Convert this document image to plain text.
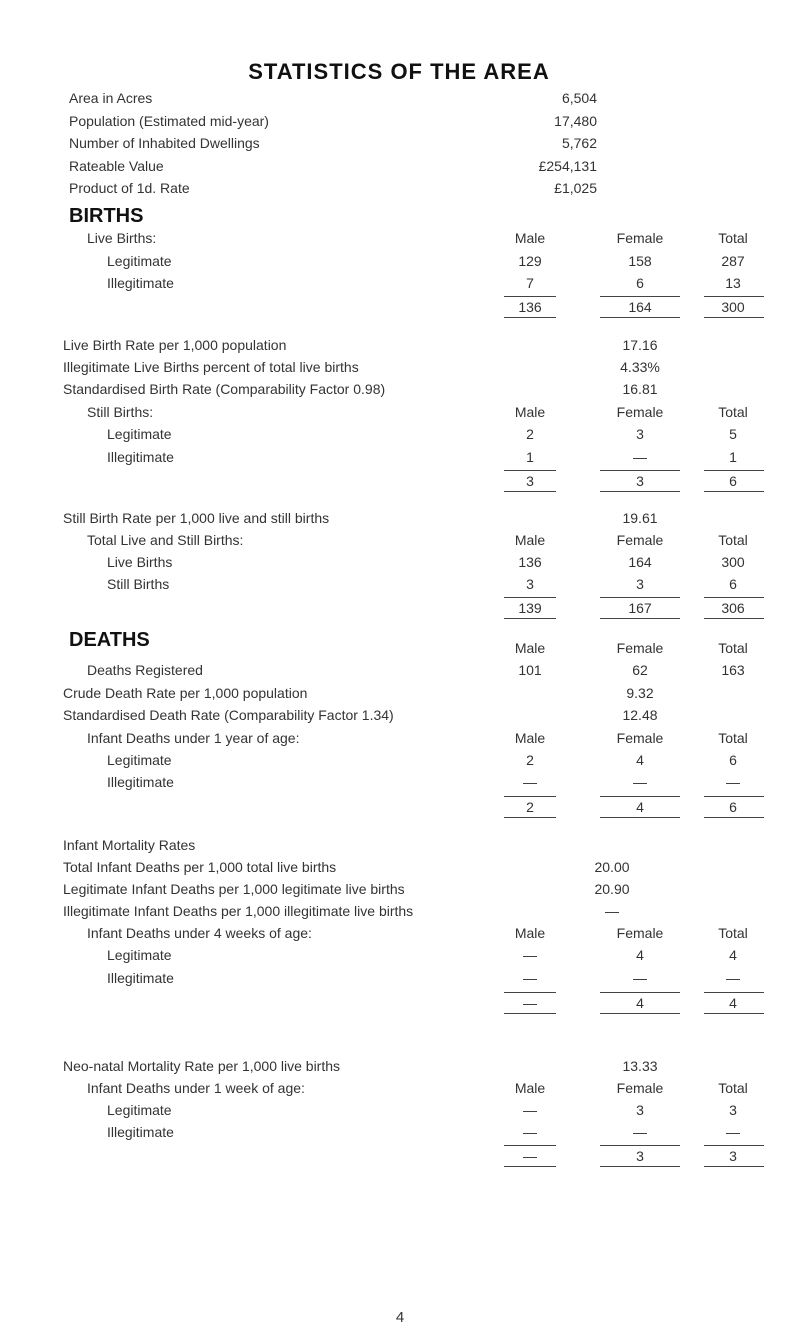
STATISTICS OF THE AREA
Area in Acres	6,504
Population (Estimated mid-year)	17,480
Number of Inhabited Dwellings	5,762
Rateable Value	£254,131
Product of 1d. Rate	£1,025
BIRTHS
Live Births:	Male	Female	Total
Legitimate	129	158	287
Illegitimate	7	6	13
136	164	300
Live Birth Rate per 1,000 population	17.16
Illegitimate Live Births percent of total live births	4.33%
Standardised Birth Rate (Comparability Factor 0.98)	16.81
Still Births:	Male	Female	Total
Legitimate	2	3	5
Illegitimate	1	—	1
3	3	6
Still Birth Rate per 1,000 live and still births	19.61
Total Live and Still Births:	Male	Female	Total
Live Births	136	164	300
Still Births	3	3	6
139	167	306
DEATHS	Male	Female	Total
Deaths Registered	101	62	163
Crude Death Rate per 1,000 population	9.32
Standardised Death Rate (Comparability Factor 1.34)	12.48
Infant Deaths under 1 year of age:	Male	Female	Total
Legitimate	2	4	6
Illegitimate	—	—	—
2	4	6
Infant Mortality Rates
Total Infant Deaths per 1,000 total live births	20.00
Legitimate Infant Deaths per 1,000 legitimate live births	20.90
Illegitimate Infant Deaths per 1,000 illegitimate live births	—
Infant Deaths under 4 weeks of age:	Male	Female	Total
Legitimate	—	4	4
Illegitimate	—	—	—
—	4	4
Neo-natal Mortality Rate per 1,000 live births	13.33
Infant Deaths under 1 week of age:	Male	Female	Total
Legitimate	—	3	3
Illegitimate	—	—	—
—	3	3
4
